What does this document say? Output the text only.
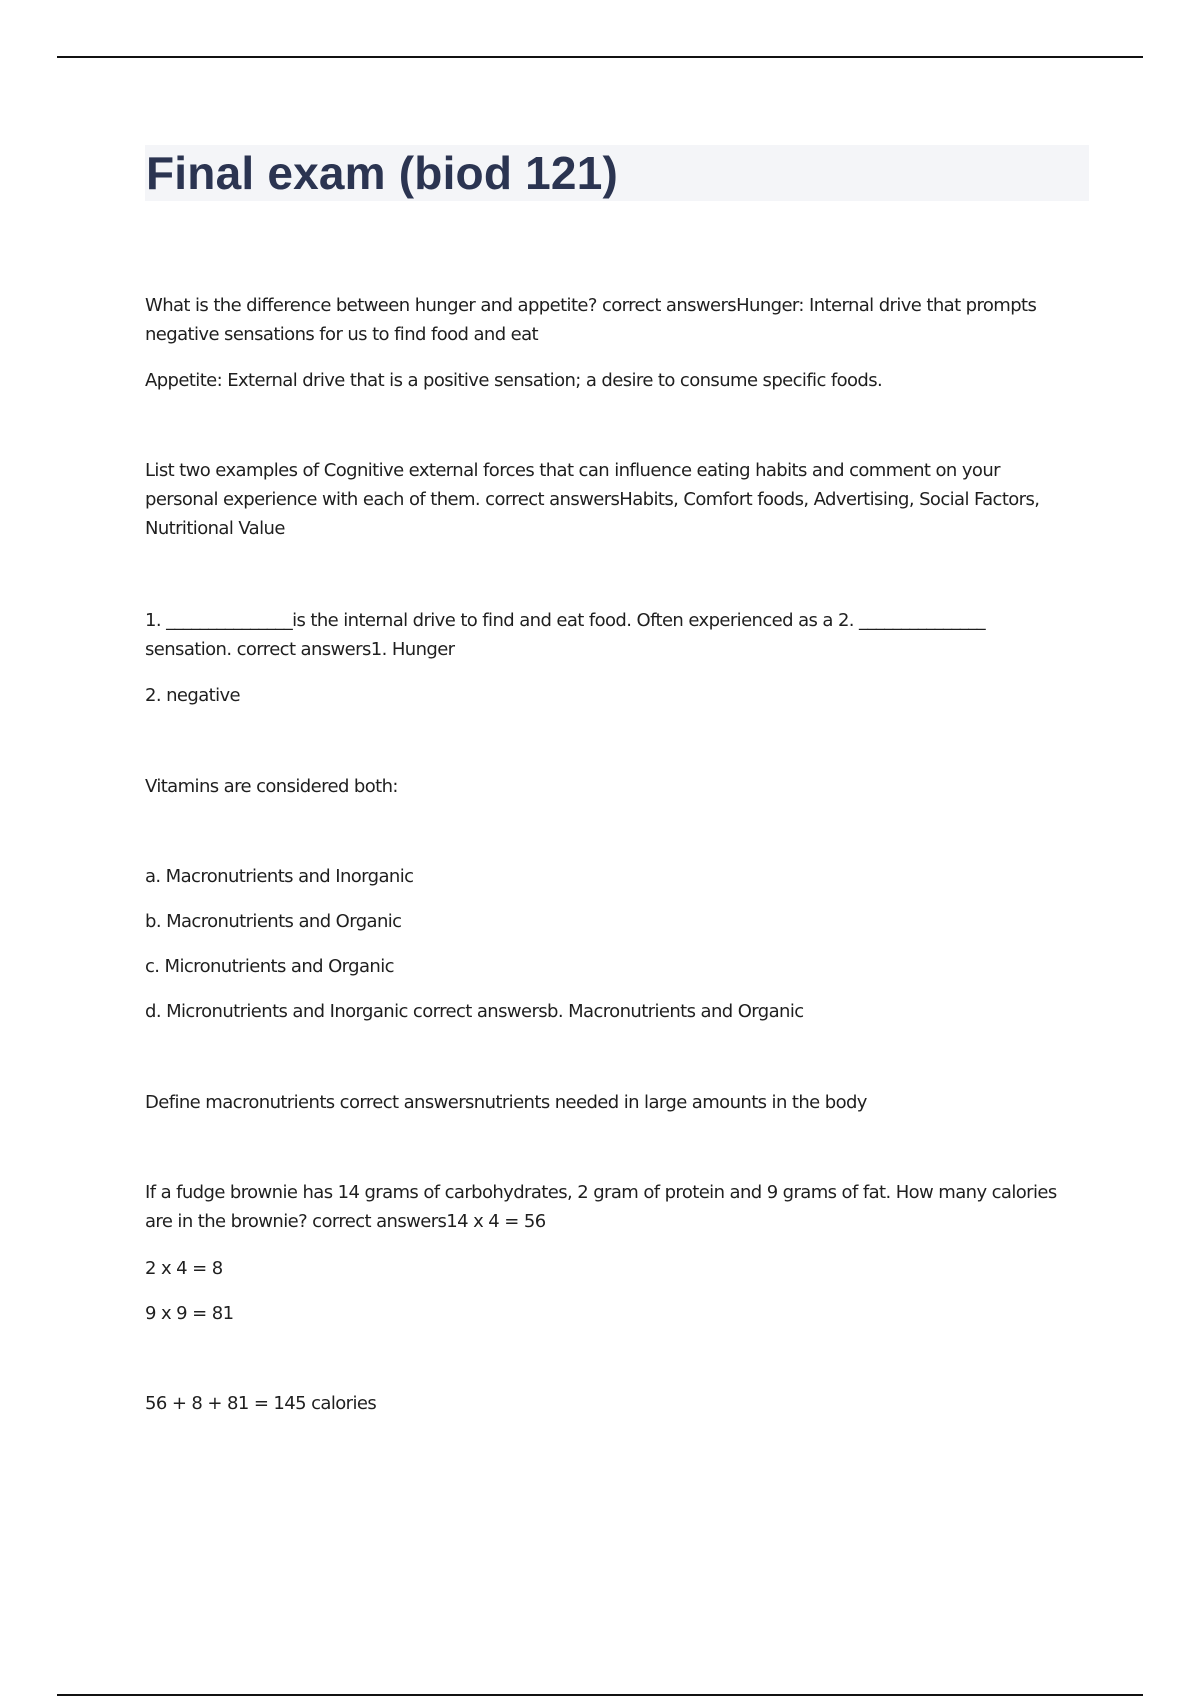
Final exam (biod 121)

What is the difference between hunger and appetite? correct answersHunger: Internal drive that prompts negative sensations for us to find food and eat

Appetite: External drive that is a positive sensation; a desire to consume specific foods.

List two examples of Cognitive external forces that can influence eating habits and comment on your personal experience with each of them. correct answersHabits, Comfort foods, Advertising, Social Factors, Nutritional Value

1. _______________is the internal drive to find and eat food. Often experienced as a 2. _______________ sensation. correct answers1. Hunger

2. negative

Vitamins are considered both:

a. Macronutrients and Inorganic

b. Macronutrients and Organic

c. Micronutrients and Organic

d. Micronutrients and Inorganic correct answersb. Macronutrients and Organic

Define macronutrients correct answersnutrients needed in large amounts in the body

If a fudge brownie has 14 grams of carbohydrates, 2 gram of protein and 9 grams of fat. How many calories are in the brownie? correct answers14 x 4 = 56

2 x 4 = 8

9 x 9 = 81

56 + 8 + 81 = 145 calories
